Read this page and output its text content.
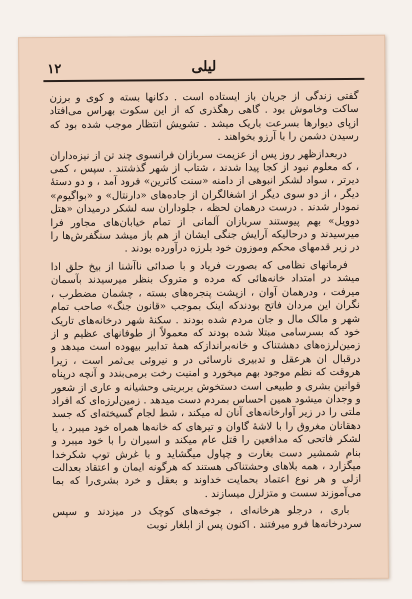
۱۲	لیلی

گفتی زندگی از جریان باز ایستاده است . دکانها بسته و کوی و برزن ساکت وخاموش بود . گاهی رهگذری که از این سکوت بهراس می‌افتاد ازپای دیوارها بسرعت باریک میشد . تشویش انتظار موجب شده بود که رسیدن دشمن را با آرزو بخواهند .

دربعدازظهر روز پس از عزیمت سربازان فرانسوی چند تن از نیزه‌داران ، که معلوم نبود از کجا پیدا شدند ، شتاب از شهر گذشتند . سپس ، کمی دیرتر ، سواد لشکر انبوهی از دامنه «سنت کاترین» فرود آمد ، و دو دستهٔ دیگر ، از دو سوی دیگر از اشغالگران از جاده‌های «دارنتال» و «بواگیوم» نمودار شدند . درست درهمان لحظه ، جلوداران سه لشکر درمیدان «هتل دوویل» بهم پیوستند سربازان آلمانی از تمام خیابان‌های مجاور فرا میرسیدند و درحالیکه آرایش جنگی ایشان از هم باز میشد سنگفرش‌ها را در زیر قدمهای محکم وموزون خود بلرزه درآورده بودند .

فرمانهای نظامی که بصورت فریاد و با صدائی ناآشنا از بیخ حلق ادا میشد در امتداد خانه‌هائی که مرده و متروک بنظر میرسیدند بآسمان میرفت ، ودرهمان آوان ، ازپشت پنجره‌های بسته ، چشمان مضطرب ، نگران این مردان فاتح بودندکه اینک بموجب «قانون جنگ» صاحب تمام شهر و مالک مال و جان مردم شده بودند . سکنهٔ شهر درخانه‌های تاریک خود که بسرسامی مبتلا شده بودند که معمولاً از طوفانهای عظیم و از زمین‌لرزه‌های دهشتناک و خانه‌براندازکه همهٔ تدابیر بیهوده است میدهد و درقبال ان هرعقل و تدبیری نارسائی در و نیروئی بی‌ثمر است ، زیرا هروقت که نظم موجود بهم میخورد و امنیت رخت برمی‌بندد و آنچه درپناه قوانین بشری و طبیعی است دستخوش بربریتی وحشیانه و عاری از شعور و وجدان میشود همین احساس بمردم دست میدهد . زمین‌لرزه‌ای که افراد ملتی را در زیر آوارخانه‌های آنان له میکند ، شط لجام گسیخته‌ای که جسد دهقانان مغروق را با لاشهٔ گاوان و تیرهای که خانه‌ها همراه خود میبرد ، یا لشکر فاتحی که مدافعین را قتل عام میکند و اسیران را با خود میبرد و بنام شمشیر دست بغارت و چپاول میگشاید و با غرش توپ شکرخدا میگزارد ، همه بلاهای وحشتناکی هستند که هرگونه ایمان و اعتقاد بعدالت ازلی و هر نوع اعتماد بحمایت خداوند و بعقل و خرد بشری‌را که بما می‌آموزند سست و متزلزل میسازند .

باری ، درجلو هرخانه‌ای ، جوخه‌های کوچک در میزدند و سپس سردرخانه‌ها فرو میرفتند . اکنون پس از ابلغار نوبت
